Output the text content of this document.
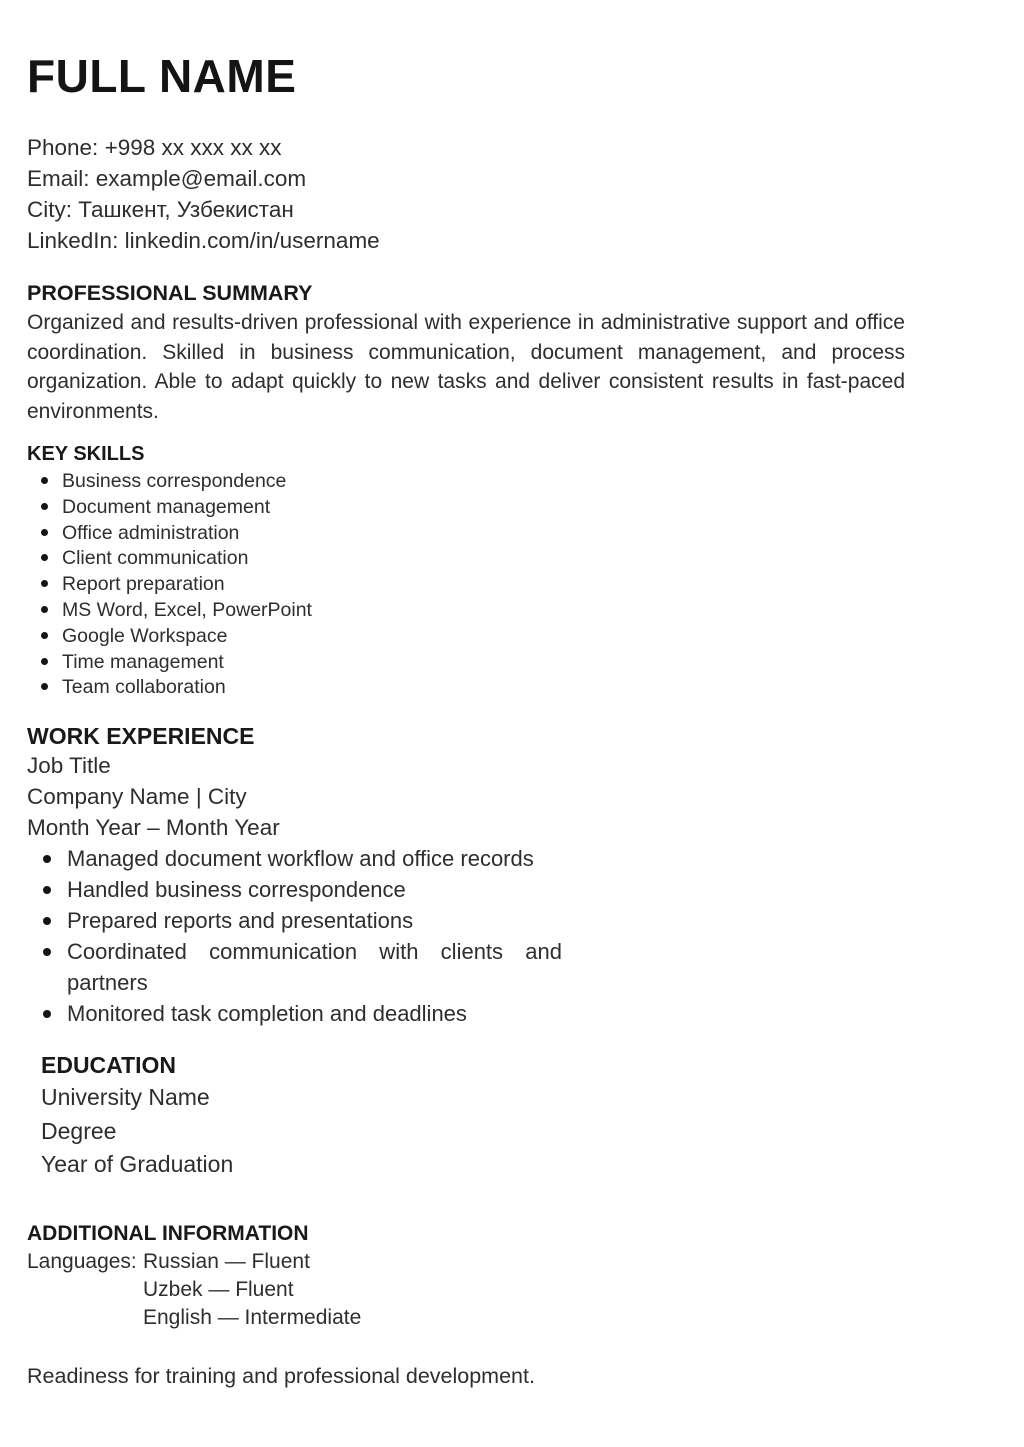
FULL NAME
Phone: +998 xx xxx xx xx
Email: example@email.com
City: Ташкент, Узбекистан
LinkedIn: linkedin.com/in/username
PROFESSIONAL SUMMARY

Organized and results-driven professional with experience in administrative support and office coordination. Skilled in business communication, document management, and process organization. Able to adapt quickly to new tasks and deliver consistent results in fast-paced environments.

KEY SKILLS
Business correspondence
Document management
Office administration
Client communication
Report preparation
MS Word, Excel, PowerPoint
Google Workspace
Time management
Team collaboration
WORK EXPERIENCE
Job Title
Company Name | City
Month Year – Month Year
Managed document workflow and office records
Handled business correspondence
Prepared reports and presentations
Coordinated communication with clients and partners
Monitored task completion and deadlines
EDUCATION
University Name
Degree
Year of Graduation
ADDITIONAL INFORMATION
Languages: Russian — Fluent
Uzbek — Fluent
English — Intermediate
Readiness for training and professional development.
